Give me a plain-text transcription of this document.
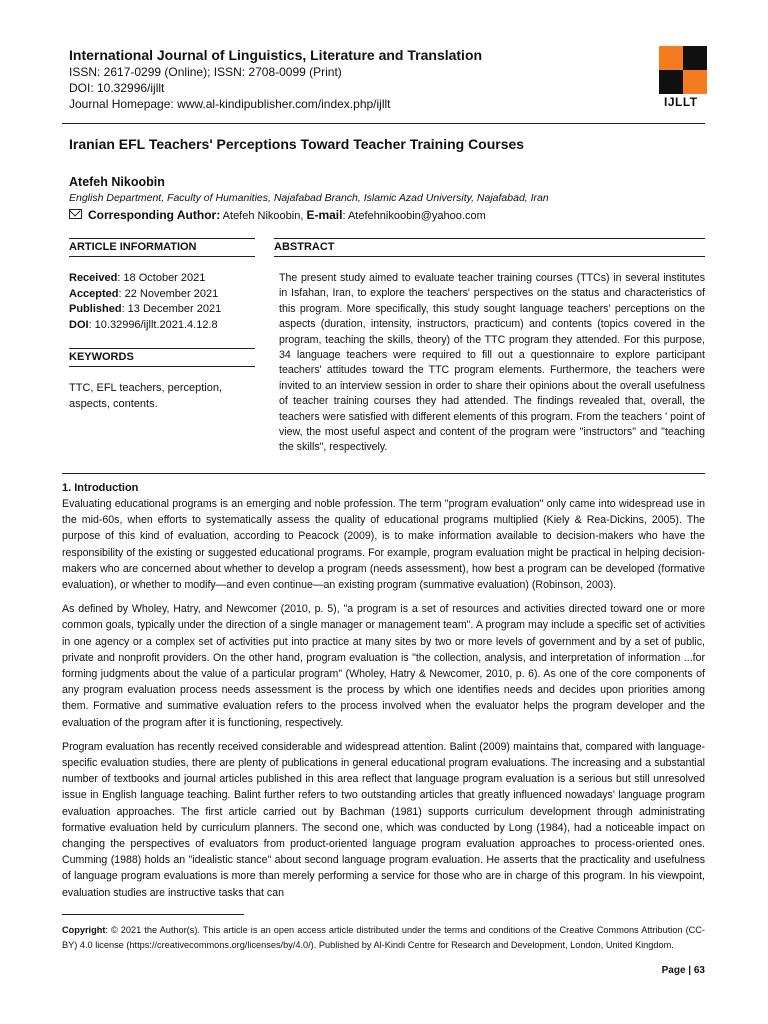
International Journal of Linguistics, Literature and Translation
ISSN: 2617-0299 (Online); ISSN: 2708-0099 (Print)
DOI: 10.32996/ijllt
Journal Homepage: www.al-kindipublisher.com/index.php/ijllt	IJLLT
Iranian EFL Teachers' Perceptions Toward Teacher Training Courses
Atefeh Nikoobin
English Department, Faculty of Humanities, Najafabad Branch, Islamic Azad University, Najafabad, Iran
Corresponding Author: Atefeh Nikoobin, E-mail: Atefehnikoobin@yahoo.com
ARTICLE INFORMATION	ABSTRACT
Received: 18 October 2021
Accepted: 22 November 2021
Published: 13 December 2021
DOI: 10.32996/ijllt.2021.4.12.8
KEYWORDS
TTC, EFL teachers, perception, aspects, contents.
The present study aimed to evaluate teacher training courses (TTCs) in several institutes in Isfahan, Iran, to explore the teachers' perspectives on the status and characteristics of this program. More specifically, this study sought language teachers' perceptions on the aspects (duration, intensity, instructors, practicum) and contents (topics covered in the program, teaching the skills, theory) of the TTC program they attended. For this purpose, 34 language teachers were required to fill out a questionnaire to explore participant teachers' attitudes toward the TTC program elements. Furthermore, the teachers were invited to an interview session in order to share their opinions about the overall usefulness of teacher training courses they had attended. The findings revealed that, overall, the teachers were satisfied with different elements of this program. From the teachers ' point of view, the most useful aspect and content of the program were "instructors" and "teaching the skills", respectively.
1. Introduction

Evaluating educational programs is an emerging and noble profession. The term "program evaluation" only came into widespread use in the mid-60s, when efforts to systematically assess the quality of educational programs multiplied (Kiely & Rea-Dickins, 2005). The purpose of this kind of evaluation, according to Peacock (2009), is to make information available to decision-makers who have the responsibility of the existing or suggested educational programs. For example, program evaluation might be practical in helping decision-makers who are concerned about whether to develop a program (needs assessment), how best a program can be developed (formative evaluation), or whether to modify—and even continue—an existing program (summative evaluation) (Robinson, 2003).

As defined by Wholey, Hatry, and Newcomer (2010, p. 5), "a program is a set of resources and activities directed toward one or more common goals, typically under the direction of a single manager or management team". A program may include a specific set of activities in one agency or a complex set of activities put into practice at many sites by two or more levels of government and by a set of public, private and nonprofit providers. On the other hand, program evaluation is "the collection, analysis, and interpretation of information ...for forming judgments about the value of a particular program" (Wholey, Hatry & Newcomer, 2010, p. 6). As one of the core components of any program evaluation process needs assessment is the process by which one identifies needs and decides upon priorities among them. Formative and summative evaluation refers to the process involved when the evaluator helps the program developer and the evaluation of the program after it is functioning, respectively.

Program evaluation has recently received considerable and widespread attention. Balint (2009) maintains that, compared with language-specific evaluation studies, there are plenty of publications in general educational program evaluations. The increasing and a substantial number of textbooks and journal articles published in this area reflect that language program evaluation is a serious but still unresolved issue in English language teaching. Balint further refers to two outstanding articles that greatly influenced nowadays' language program evaluation approaches. The first article carried out by Bachman (1981) supports curriculum development through administrating formative evaluation held by curriculum planners. The second one, which was conducted by Long (1984), had a noticeable impact on changing the perspectives of evaluators from product-oriented language program evaluation approaches to process-oriented ones. Cumming (1988) holds an "idealistic stance" about second language program evaluation. He asserts that the practicality and usefulness of language program evaluations is more than merely performing a service for those who are in charge of this program. In his viewpoint, evaluation studies are instructive tasks that can

Copyright: © 2021 the Author(s). This article is an open access article distributed under the terms and conditions of the Creative Commons Attribution (CC-BY) 4.0 license (https://creativecommons.org/licenses/by/4.0/). Published by Al-Kindi Centre for Research and Development, London, United Kingdom.
Page | 63
